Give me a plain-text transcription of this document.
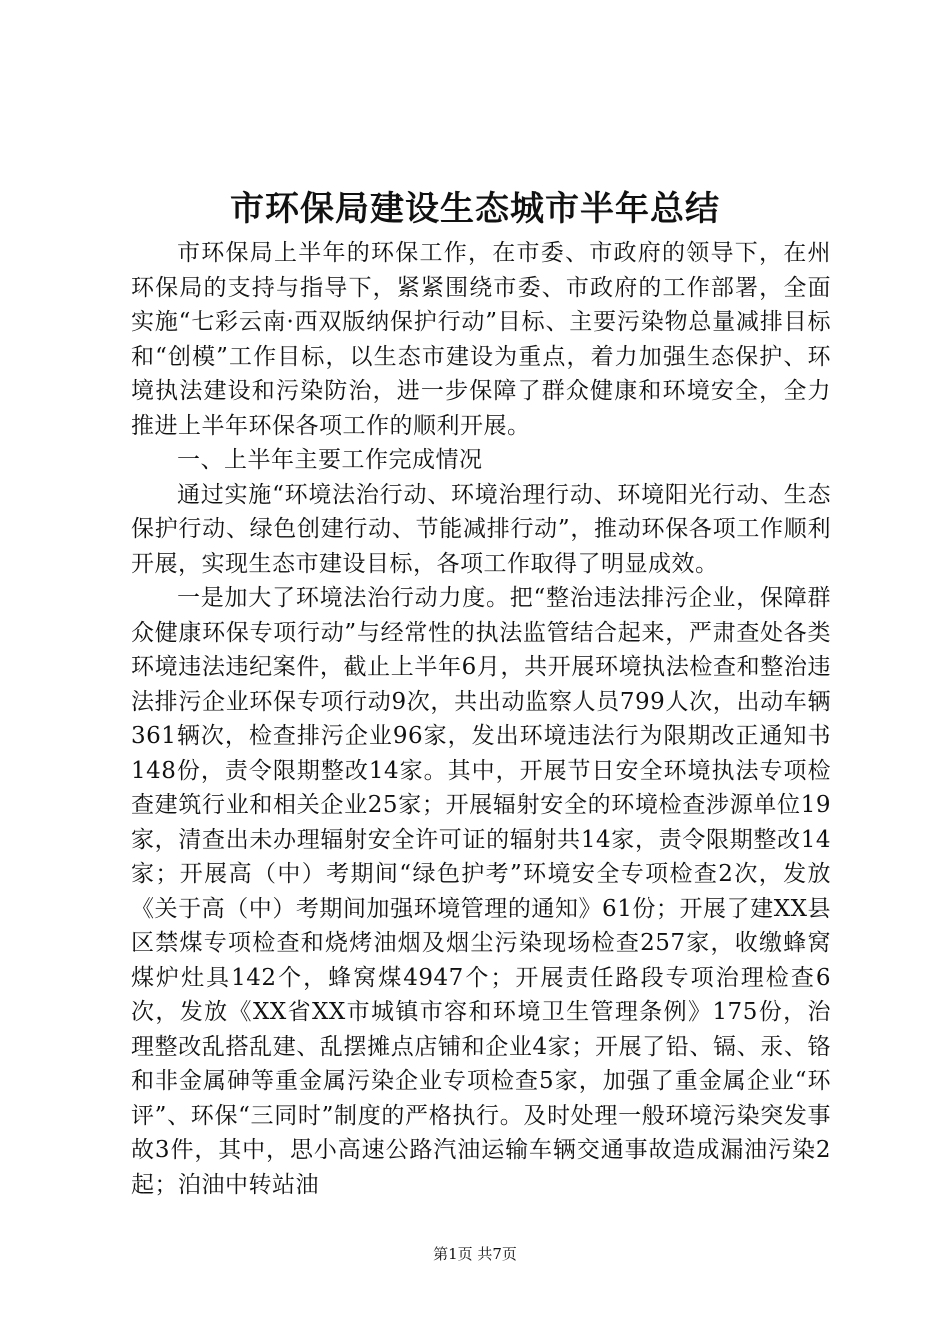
市环保局建设生态城市半年总结

市环保局上半年的环保工作，在市委、市政府的领导下，在州环保局的支持与指导下，紧紧围绕市委、市政府的工作部署，全面实施“七彩云南·西双版纳保护行动”目标、主要污染物总量减排目标和“创模”工作目标，以生态市建设为重点，着力加强生态保护、环境执法建设和污染防治，进一步保障了群众健康和环境安全，全力推进上半年环保各项工作的顺利开展。

一、上半年主要工作完成情况

通过实施“环境法治行动、环境治理行动、环境阳光行动、生态保护行动、绿色创建行动、节能减排行动”，推动环保各项工作顺利开展，实现生态市建设目标，各项工作取得了明显成效。

一是加大了环境法治行动力度。把“整治违法排污企业，保障群众健康环保专项行动”与经常性的执法监管结合起来，严肃查处各类环境违法违纪案件，截止上半年6月，共开展环境执法检查和整治违法排污企业环保专项行动9次，共出动监察人员799人次，出动车辆361辆次，检查排污企业96家，发出环境违法行为限期改正通知书148份，责令限期整改14家。其中，开展节日安全环境执法专项检查建筑行业和相关企业25家；开展辐射安全的环境检查涉源单位19家，清查出未办理辐射安全许可证的辐射共14家，责令限期整改14家；开展高（中）考期间“绿色护考”环境安全专项检查2次，发放《关于高（中）考期间加强环境管理的通知》61份；开展了建XX县区禁煤专项检查和烧烤油烟及烟尘污染现场检查257家，收缴蜂窝煤炉灶具142个，蜂窝煤4947个；开展责任路段专项治理检查6次，发放《XX省XX市城镇市容和环境卫生管理条例》175份，治理整改乱搭乱建、乱摆摊点店铺和企业4家；开展了铅、镉、汞、铬和非金属砷等重金属污染企业专项检查5家，加强了重金属企业“环评”、环保“三同时”制度的严格执行。及时处理一般环境污染突发事故3件，其中，思小高速公路汽油运输车辆交通事故造成漏油污染2起；泊油中转站油

第1页 共7页
